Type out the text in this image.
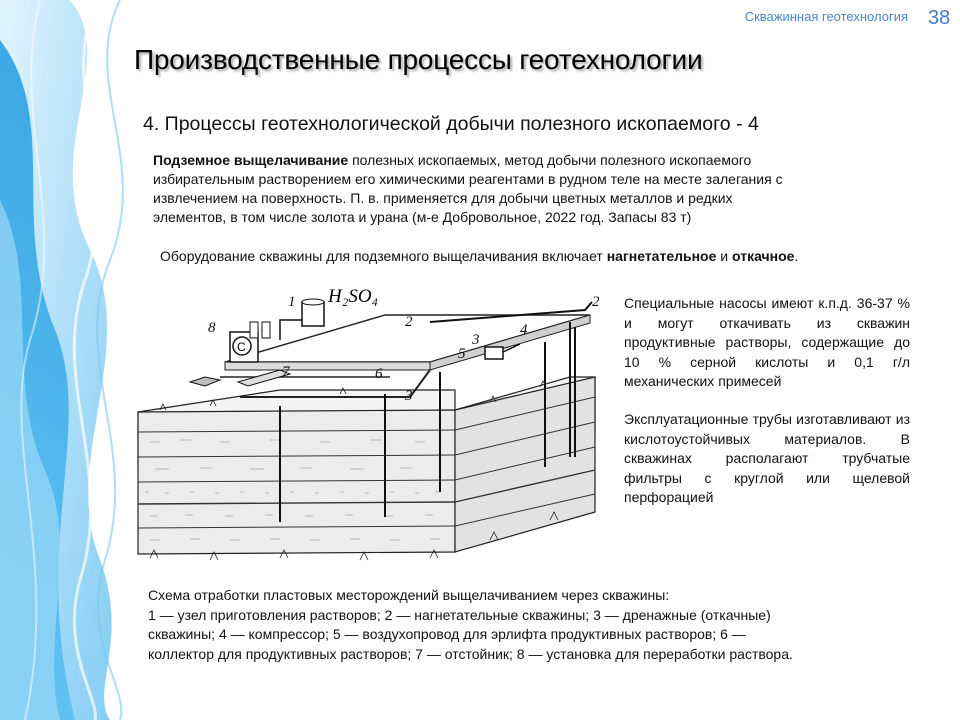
Скважинная геотехнология 38
Производственные процессы геотехнологии
4. Процессы геотехнологической добычи полезного ископаемого - 4
Подземное выщелачивание полезных ископаемых, метод добычи полезного ископаемого
избирательным растворением его химическими реагентами в рудном теле на месте залегания с
извлечением на поверхность. П. в. применяется для добычи цветных металлов и редких
элементов, в том числе золота и урана (м-е Добровольное, 2022 год. Запасы 83 т)
Оборудование скважины для подземного выщелачивания включает нагнетательное и откачное.
C
H₂SO₄
1	2
2
3
4
5
6
7
8
3
Специальные насосы имеют к.п.д. 36-37 % и могут откачивать из скважин продуктивные растворы, содержащие до 10 % серной кислоты и 0,1 г/л механических примесей
Эксплуатационные трубы изготавливают из кислотоустойчивых материалов. В скважинах располагают трубчатые фильтры с круглой или щелевой перфорацией
Схема отработки пластовых месторождений выщелачиванием через скважины:
1 — узел приготовления растворов; 2 — нагнетательные скважины; 3 — дренажные (откачные)
скважины; 4 — компрессор; 5 — воздухопровод для эрлифта продуктивных растворов; 6 —
коллектор для продуктивных растворов; 7 — отстойник; 8 — установка для переработки раствора.
